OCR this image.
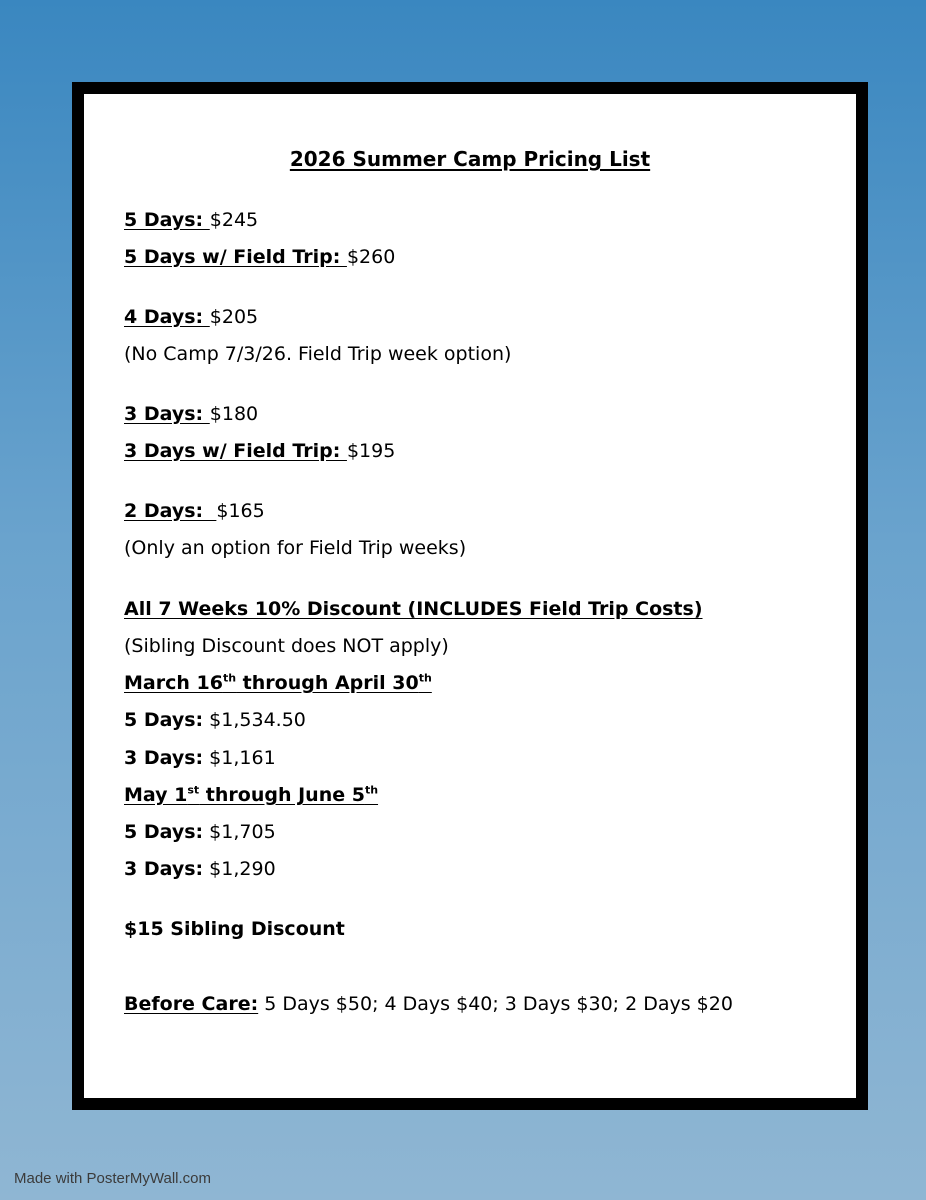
2026 Summer Camp Pricing List
5 Days: $245
5 Days w/ Field Trip: $260
4 Days: $205
(No Camp 7/3/26. Field Trip week option)
3 Days: $180
3 Days w/ Field Trip: $195
2 Days:  $165
(Only an option for Field Trip weeks)
All 7 Weeks 10% Discount (INCLUDES Field Trip Costs)
(Sibling Discount does NOT apply)
March 16th through April 30th
5 Days: $1,534.50
3 Days: $1,161
May 1st through June 5th
5 Days: $1,705
3 Days: $1,290
$15 Sibling Discount
Before Care: 5 Days $50; 4 Days $40; 3 Days $30; 2 Days $20
Made with PosterMyWall.com
